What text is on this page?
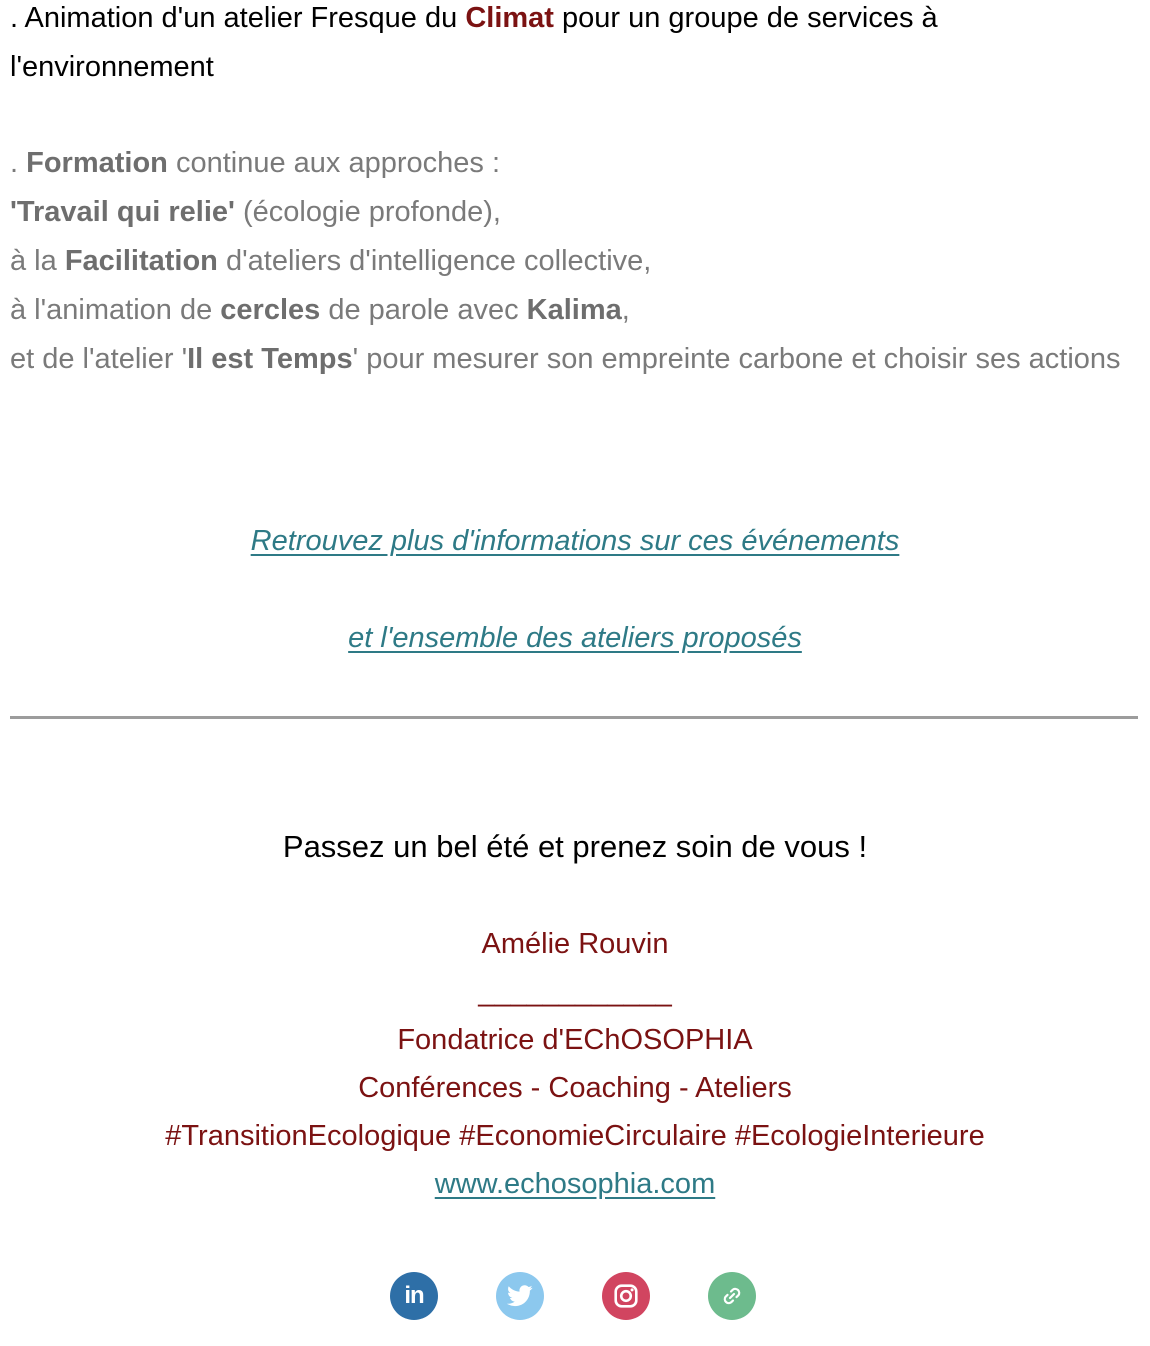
. Animation d'un atelier Fresque du Climat pour un groupe de services à l'environnement
. Formation continue aux approches :
'Travail qui relie' (écologie profonde),
à la Facilitation d'ateliers d'intelligence collective,
à l'animation de cercles de parole avec Kalima,
et de l'atelier 'Il est Temps' pour mesurer son empreinte carbone et choisir ses actions
Retrouvez plus d'informations sur ces événements
et l'ensemble des ateliers proposés
Passez un bel été et prenez soin de vous !
Amélie Rouvin
____________
Fondatrice d'EChOSOPHIA
Conférences - Coaching - Ateliers
#TransitionEcologique #EconomieCirculaire #EcologieInterieure
www.echosophia.com
in
